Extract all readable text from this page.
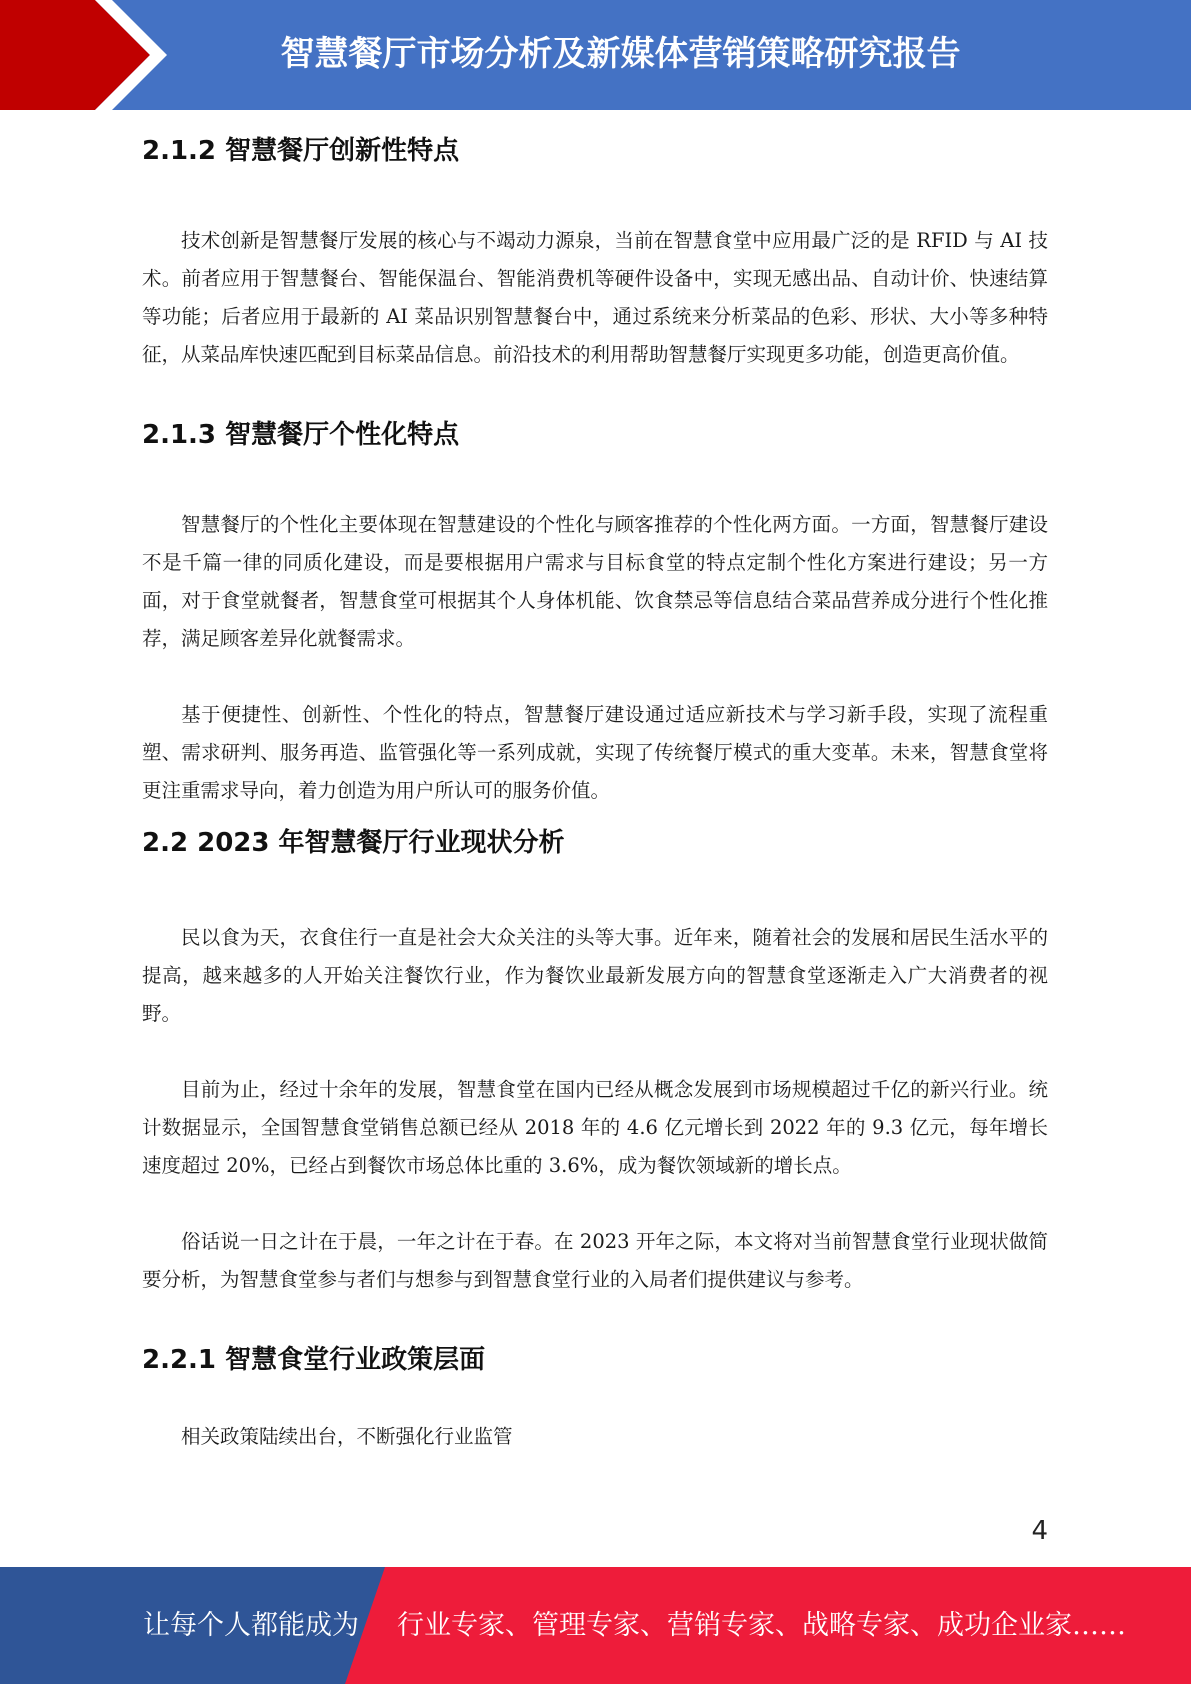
智慧餐厅市场分析及新媒体营销策略研究报告
2.1.2 智慧餐厅创新性特点

技术创新是智慧餐厅发展的核心与不竭动力源泉，当前在智慧食堂中应用最广泛的是 RFID 与 AI 技术。前者应用于智慧餐台、智能保温台、智能消费机等硬件设备中，实现无感出品、自动计价、快速结算等功能；后者应用于最新的 AI 菜品识别智慧餐台中，通过系统来分析菜品的色彩、形状、大小等多种特征，从菜品库快速匹配到目标菜品信息。前沿技术的利用帮助智慧餐厅实现更多功能，创造更高价值。

2.1.3 智慧餐厅个性化特点

智慧餐厅的个性化主要体现在智慧建设的个性化与顾客推荐的个性化两方面。一方面，智慧餐厅建设不是千篇一律的同质化建设，而是要根据用户需求与目标食堂的特点定制个性化方案进行建设；另一方面，对于食堂就餐者，智慧食堂可根据其个人身体机能、饮食禁忌等信息结合菜品营养成分进行个性化推荐，满足顾客差异化就餐需求。

基于便捷性、创新性、个性化的特点，智慧餐厅建设通过适应新技术与学习新手段，实现了流程重塑、需求研判、服务再造、监管强化等一系列成就，实现了传统餐厅模式的重大变革。未来，智慧食堂将更注重需求导向，着力创造为用户所认可的服务价值。

2.2 2023 年智慧餐厅行业现状分析

民以食为天，衣食住行一直是社会大众关注的头等大事。近年来，随着社会的发展和居民生活水平的提高，越来越多的人开始关注餐饮行业，作为餐饮业最新发展方向的智慧食堂逐渐走入广大消费者的视野。

目前为止，经过十余年的发展，智慧食堂在国内已经从概念发展到市场规模超过千亿的新兴行业。统计数据显示，全国智慧食堂销售总额已经从 2018 年的 4.6 亿元增长到 2022 年的 9.3 亿元，每年增长速度超过 20%，已经占到餐饮市场总体比重的 3.6%，成为餐饮领域新的增长点。

俗话说一日之计在于晨，一年之计在于春。在 2023 开年之际，本文将对当前智慧食堂行业现状做简要分析，为智慧食堂参与者们与想参与到智慧食堂行业的入局者们提供建议与参考。

2.2.1 智慧食堂行业政策层面

相关政策陆续出台，不断强化行业监管

4
让每个人都能成为 行业专家、管理专家、营销专家、战略专家、成功企业家……
